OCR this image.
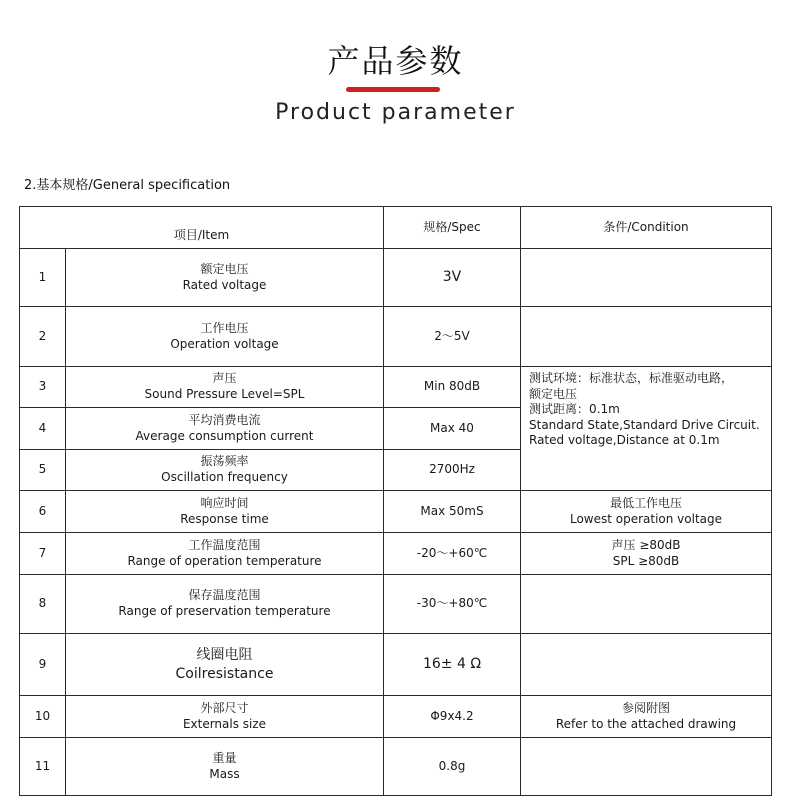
产品参数
Product parameter
2.基本规格/General specification
项目/Item		规格/Spec	条件/Condition
1	额定电压
Rated voltage	3V	
2	工作电压
Operation voltage	2～5V	
3	声压
Sound Pressure Level=SPL	Min 80dB	测试环境：标准状态，标准驱动电路，
额定电压
测试距离：0.1m
Standard State,Standard Drive Circuit.
Rated voltage,Distance at 0.1m

4	平均消费电流
Average consumption current	Max 40	
5	振荡频率
Oscillation frequency	2700Hz	
6	响应时间
Response time	Max 50mS	最低工作电压
Lowest operation voltage

7	工作温度范围
Range of operation temperature	-20～+60℃	声压 ≥80dB
SPL ≥80dB

8	保存温度范围
Range of preservation temperature	-30～+80℃	
9	线圈电阻
Coilresistance	16± 4 Ω	
10	外部尺寸
Externals size	Φ9x4.2	参阅附图
Refer to the attached drawing

11	重量
Mass	0.8g	
